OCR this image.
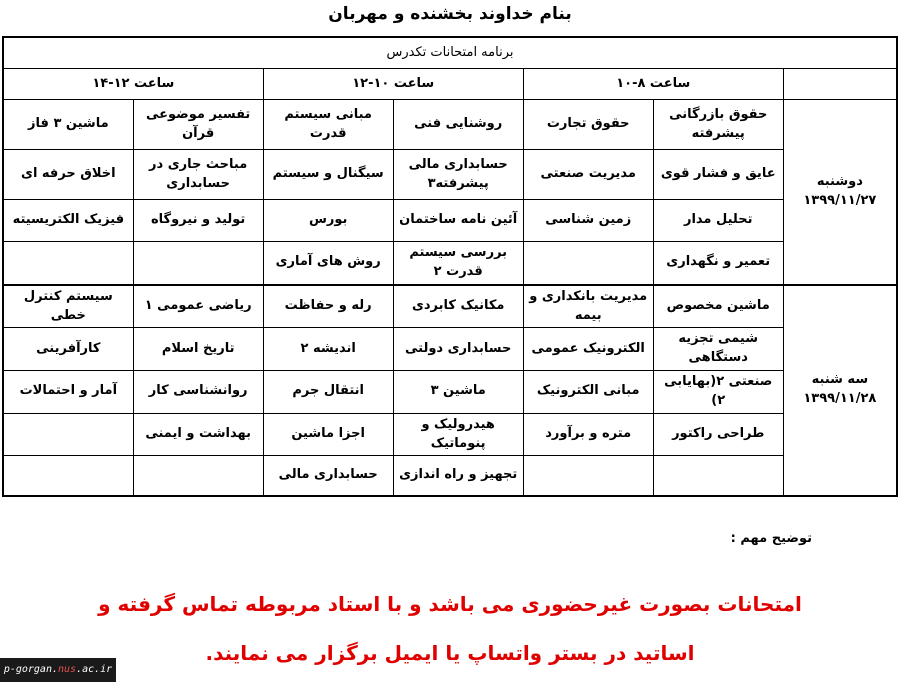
بنام خداوند بخشنده و مهربان
برنامه امتحانات تکدرس						
	ساعت ۸-۱۰		ساعت ۱۰-۱۲		ساعت ۱۲-۱۴	

دوشنبه
۱۳۹۹/۱۱/۲۷	حقوق بازرگانی پیشرفته	حقوق تجارت	روشنایی فنی	مبانی سیستم قدرت	تفسیر موضوعی قرآن	ماشین ۳ فاز
	عایق و فشار قوی	مدیریت صنعتی	حسابداری مالی پیشرفته۳	سیگنال و سیستم	مباحث جاری در حسابداری	اخلاق حرفه ای
	تحلیل مدار	زمین شناسی	آئین نامه ساختمان	بورس	تولید و نیروگاه	فیزیک الکتریسیته
	تعمیر و نگهداری		بررسی سیستم قدرت ۲	روش های آماری		

سه شنبه
۱۳۹۹/۱۱/۲۸	ماشین مخصوص	مدیریت بانکداری و بیمه	مکانیک کابردی	رله و حفاظت	ریاضی عمومی ۱	سیستم کنترل خطی
	شیمی تجزیه دستگاهی	الکترونیک عمومی	حسابداری دولتی	اندیشه ۲	تاریخ اسلام	کارآفرینی
	صنعتی ۲(بهایابی ۲)	مبانی الکترونیک	ماشین ۳	انتقال جرم	روانشناسی کار	آمار و احتمالات
	طراحی راکتور	متره و برآورد	هیدرولیک و پنوماتیک	اجزا ماشین	بهداشت و ایمنی	
			تجهیز و راه اندازی	حسابداری مالی		
توضیح مهم :
امتحانات بصورت غیرحضوری می باشد و با استاد مربوطه تماس گرفته و
اساتید در بستر واتساپ یا ایمیل برگزار می نمایند.
p-gorgan.nus.ac.ir
